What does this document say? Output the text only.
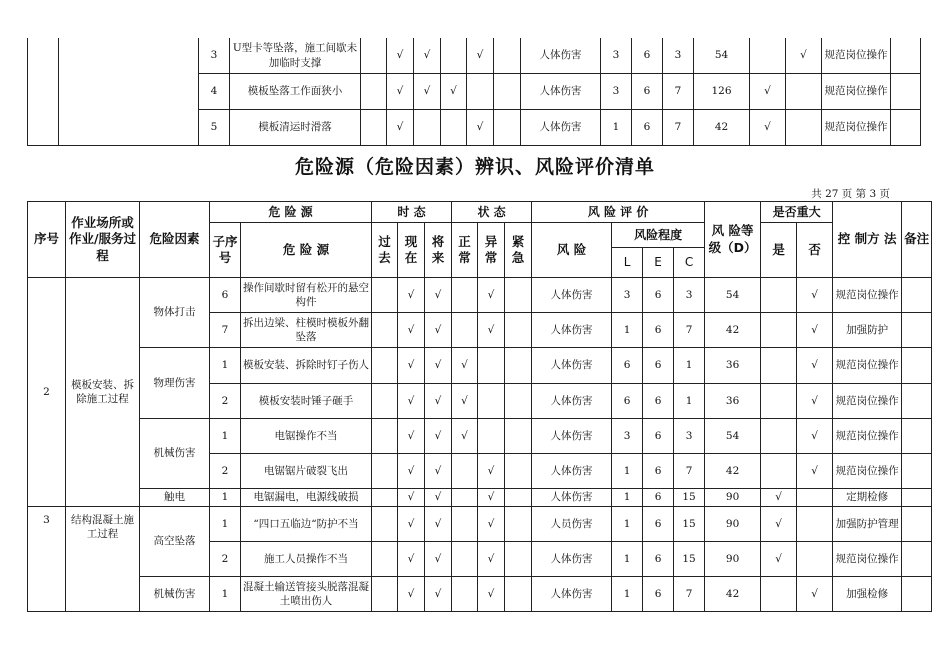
		3	U型卡等坠落，施工间歇未加临时支撑		√	√		√		人体伤害	3	6	3	54		√	规范岗位操作	
		4	模板坠落工作面狭小		√	√	√			人体伤害	3	6	7	126	√		规范岗位操作	
		5	模板清运时滑落		√			√		人体伤害	1	6	7	42	√		规范岗位操作	
危险源（危险因素）辨识、风险评价清单

共 27 页 第 3 页

序号	作业场所或作业/服务过程	危险因素	危 险 源		时 态			状 态			风 险 评 价				风 险等 级（D）	是否重大		控 制方 法	备注
			子序号	危 险 源	过去	现在	将来	正常	异常	紧急	风 险	风险程度				是	否		
												L	E	C					
2	模板安装、拆除施工过程	物体打击	6	操作间歇时留有松开的悬空构件		√	√		√		人体伤害	3	6	3	54		√	规范岗位操作	
			7	拆出边梁、柱模时模板外翻坠落		√	√		√		人体伤害	1	6	7	42		√	加强防护	
		物理伤害	1	模板安装、拆除时钉子伤人		√	√	√			人体伤害	6	6	1	36		√	规范岗位操作	
			2	模板安装时锤子砸手		√	√	√			人体伤害	6	6	1	36		√	规范岗位操作	
		机械伤害	1	电锯操作不当		√	√	√			人体伤害	3	6	3	54		√	规范岗位操作	
			2	电锯锯片破裂飞出		√	√		√		人体伤害	1	6	7	42		√	规范岗位操作	
		触电	1	电锯漏电，电源线破损		√	√		√		人体伤害	1	6	15	90	√		定期检修	
3	结构混凝土施工过程	高空坠落	1	“四口五临边“防护不当		√	√		√		人员伤害	1	6	15	90	√		加强防护管理	
			2	施工人员操作不当		√	√		√		人体伤害	1	6	15	90	√		规范岗位操作	
		机械伤害	1	混凝土输送管接头脱落混凝土喷出伤人		√	√		√		人体伤害	1	6	7	42		√	加强检修	
